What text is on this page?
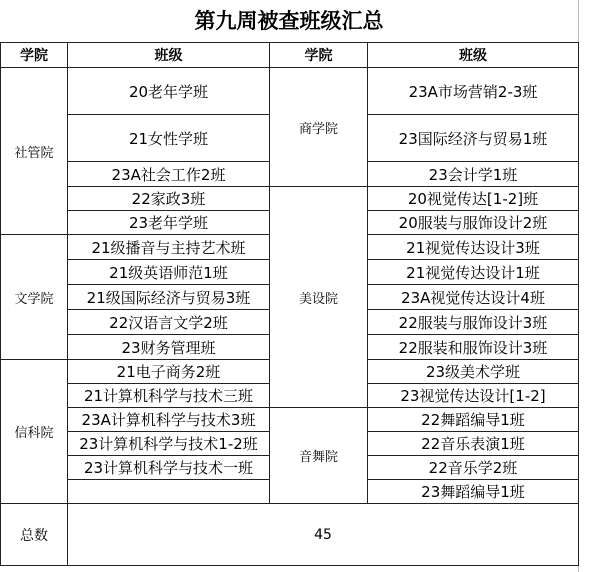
第九周被查班级汇总
学院	班级	学院	班级
社管院	20老年学班	商学院	23A市场营销2-3班
	21女性学班		23国际经济与贸易1班
	23A社会工作2班		23会计学1班
	22家政3班	美设院	20视觉传达[1-2]班
	23老年学班		20服装与服饰设计2班
文学院	21级播音与主持艺术班		21视觉传达设计3班
	21级英语师范1班		21视觉传达设计1班
	21级国际经济与贸易3班		23A视觉传达设计4班
	22汉语言文学2班		22服装与服饰设计3班
	23财务管理班		22服装和服饰设计3班
信科院	21电子商务2班		23级美术学班

	21计算机科学与技术三班		23视觉传达设计[1-2]

	23A计算机科学与技术3班	音舞院	22舞蹈编导1班

	23计算机科学与技术1-2班		22音乐表演1班
	23计算机科学与技术一班		22音乐学2班
			23舞蹈编导1班
总数	45		
